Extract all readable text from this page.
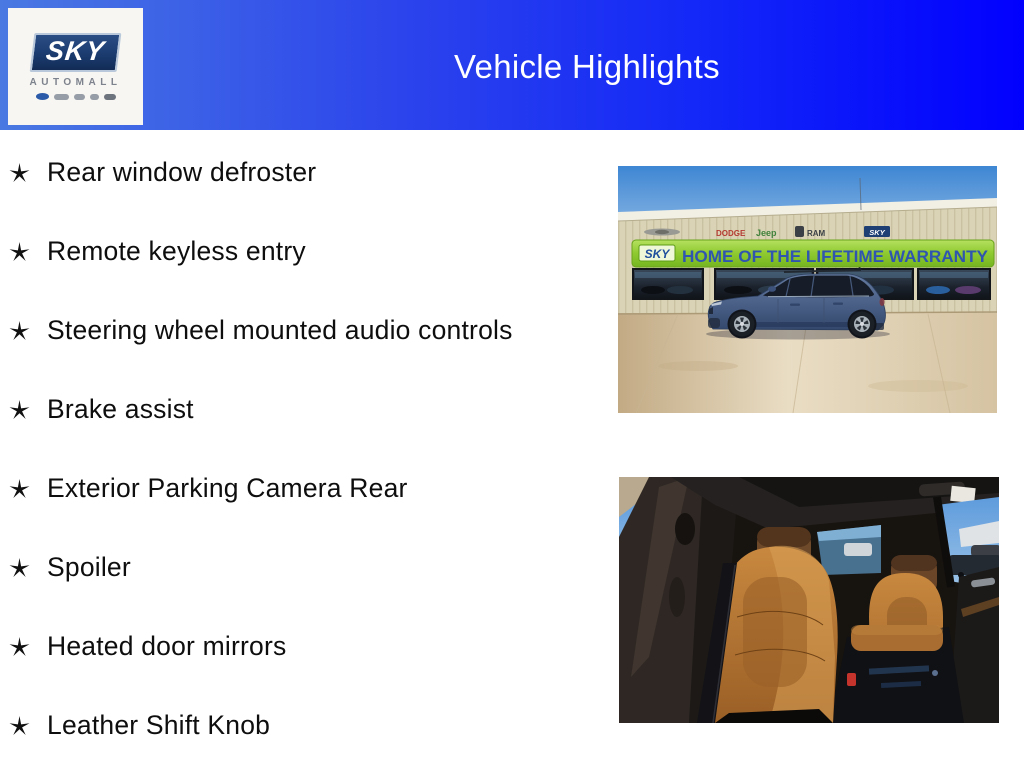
SKY
AUTOMALL	Vehicle Highlights
Rear window defroster
Remote keyless entry
Steering wheel mounted audio controls
Brake assist
Exterior Parking Camera Rear
Spoiler
Heated door mirrors
Leather Shift Knob
DODGE Jeep	RAM	SKY
SKY HOME OF THE LIFETIME WARRANTY
